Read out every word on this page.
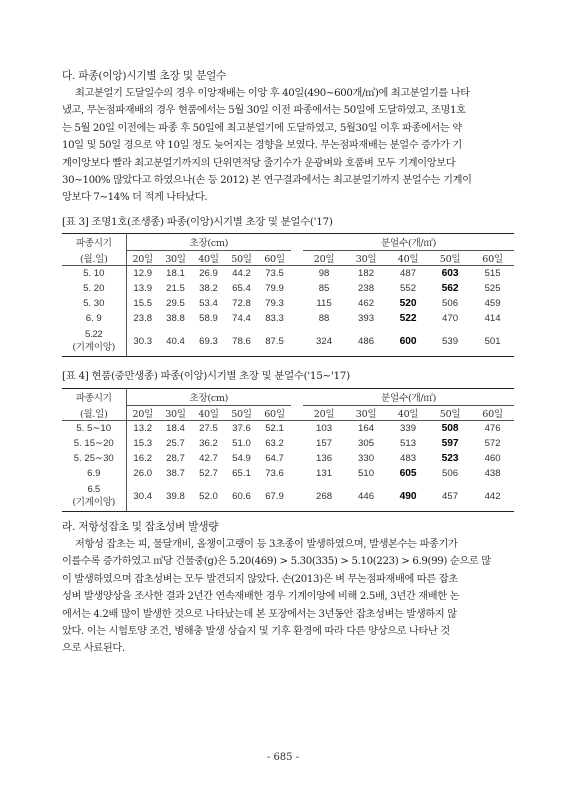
다. 파종(이앙)시기별 초장 및 분얼수

최고분얼기 도달일수의 경우 이앙재배는 이앙 후 40일(490∼600개/㎡)에 최고분얼기를 나타

냈고, 무논점파재배의 경우 현품에서는 5월 30일 이전 파종에서는 50일에 도달하였고, 조명1호

는 5월 20일 이전에는 파종 후 50일에 최고분얼기에 도달하였고, 5월30일 이후 파종에서는 약

10일 및 50일 경으로 약 10일 정도 늦어지는 경향을 보였다. 무논점파재배는 분얼수 증가가 기

계이앙보다 빨라 최고분얼기까지의 단위면적당 줄기수가 운광벼와 호품벼 모두 기계이앙보다

30∼100% 많았다고 하였으나(손 등 2012) 본 연구결과에서는 최고분얼기까지 분얼수는 기계이

앙보다 7∼14% 더 적게 나타났다.

[표 3] 조명1호(조생종) 파종(이앙)시기별 초장 및 분얼수('17)
파종시기	초장(cm)						분얼수(개/㎡)				
(월.일)	20일	30일	40일	50일	60일		20일	30일	40일	50일	60일
5. 10	12.9	18.1	26.9	44.2	73.5		98	182	487	603	515
5. 20	13.9	21.5	38.2	65.4	79.9		85	238	552	562	525
5. 30	15.5	29.5	53.4	72.8	79.3		115	462	520	506	459
6. 9	23.8	38.8	58.9	74.4	83.3		88	393	522	470	414

5.22
(기계이앙)	30.3	40.4	69.3	78.6	87.5		324	486	600	539	501
[표 4] 현품(중만생종) 파종(이앙)시기별 초장 및 분얼수('15∼'17)
파종시기	초장(cm)						분얼수(개/㎡)				
(월.일)	20일	30일	40일	50일	60일		20일	30일	40일	50일	60일
5. 5∼10	13.2	18.4	27.5	37.6	52.1		103	164	339	508	476
5. 15∼20	15.3	25.7	36.2	51.0	63.2		157	305	513	597	572
5. 25∼30	16.2	28.7	42.7	54.9	64.7		136	330	483	523	460
6.9	26.0	38.7	52.7	65.1	73.6		131	510	605	506	438

6.5
(기계이앙)	30.4	39.8	52.0	60.6	67.9		268	446	490	457	442
라. 저항성잡초 및 잡초성벼 발생량

저항성 잡초는 피, 물달개비, 올챙이고랭이 등 3초종이 발생하였으며, 발생본수는 파종기가

이를수록 증가하였고 ㎡당 건물중(g)은 5.20(469) > 5.30(335) > 5.10(223) > 6.9(99) 순으로 많

이 발생하였으며 잡초성벼는 모두 발견되지 않았다. 손(2013)은 벼 무논점파재배에 따른 잡초

성벼 발생양상을 조사한 결과 2년간 연속재배한 경우 기계이앙에 비해 2.5배, 3년간 재배한 논

에서는 4.2배 많이 발생한 것으로 나타났는데 본 포장에서는 3년동안 잡초성벼는 발생하지 않

았다. 이는 시험토양 조건, 병해충 발생 상습지 및 기후 환경에 따라 다른 양상으로 나타난 것

으로 사료된다.

- 685 -
